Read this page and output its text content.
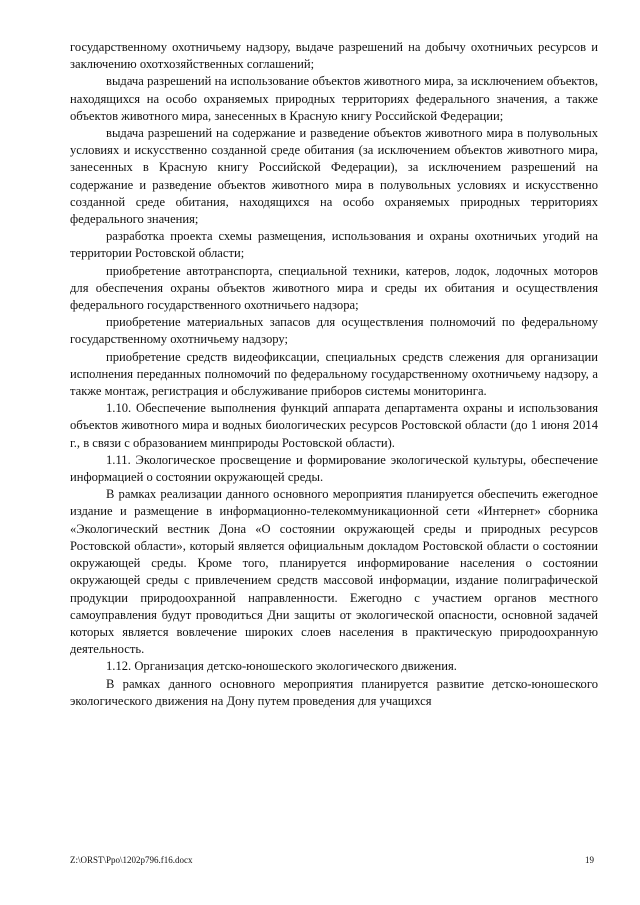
государственному охотничьему надзору, выдаче разрешений на добычу охотничьих ресурсов и заключению охотхозяйственных соглашений;

выдача разрешений на использование объектов животного мира, за исключением объектов, находящихся на особо охраняемых природных территориях федерального значения, а также объектов животного мира, занесенных в Красную книгу Российской Федерации;

выдача разрешений на содержание и разведение объектов животного мира в полувольных условиях и искусственно созданной среде обитания (за исключением объектов животного мира, занесенных в Красную книгу Российской Федерации), за исключением разрешений на содержание и разведение объектов животного мира в полувольных условиях и искусственно созданной среде обитания, находящихся на особо охраняемых природных территориях федерального значения;

разработка проекта схемы размещения, использования и охраны охотничьих угодий на территории Ростовской области;

приобретение автотранспорта, специальной техники, катеров, лодок, лодочных моторов для обеспечения охраны объектов животного мира и среды их обитания и осуществления федерального государственного охотничьего надзора;

приобретение материальных запасов для осуществления полномочий по федеральному государственному охотничьему надзору;

приобретение средств видеофиксации, специальных средств слежения для организации исполнения переданных полномочий по федеральному государственному охотничьему надзору, а также монтаж, регистрация и обслуживание приборов системы мониторинга.

1.10. Обеспечение выполнения функций аппарата департамента охраны и использования объектов животного мира и водных биологических ресурсов Ростовской области (до 1 июня 2014 г., в связи с образованием минприроды Ростовской области).

1.11. Экологическое просвещение и формирование экологической культуры, обеспечение информацией о состоянии окружающей среды.

В рамках реализации данного основного мероприятия планируется обеспечить ежегодное издание и размещение в информационно-телекоммуникационной сети «Интернет» сборника «Экологический вестник Дона «О состоянии окружающей среды и природных ресурсов Ростовской области», который является официальным докладом Ростовской области о состоянии окружающей среды. Кроме того, планируется информирование населения о состоянии окружающей среды с привлечением средств массовой информации, издание полиграфической продукции природоохранной направленности. Ежегодно с участием органов местного самоуправления будут проводиться Дни защиты от экологической опасности, основной задачей которых является вовлечение широких слоев населения в практическую природоохранную деятельность.

1.12. Организация детско-юношеского экологического движения.

В рамках данного основного мероприятия планируется развитие детско-юношеского экологического движения на Дону путем проведения для учащихся

Z:\ORST\Ppo\1202p796.f16.docx	19
